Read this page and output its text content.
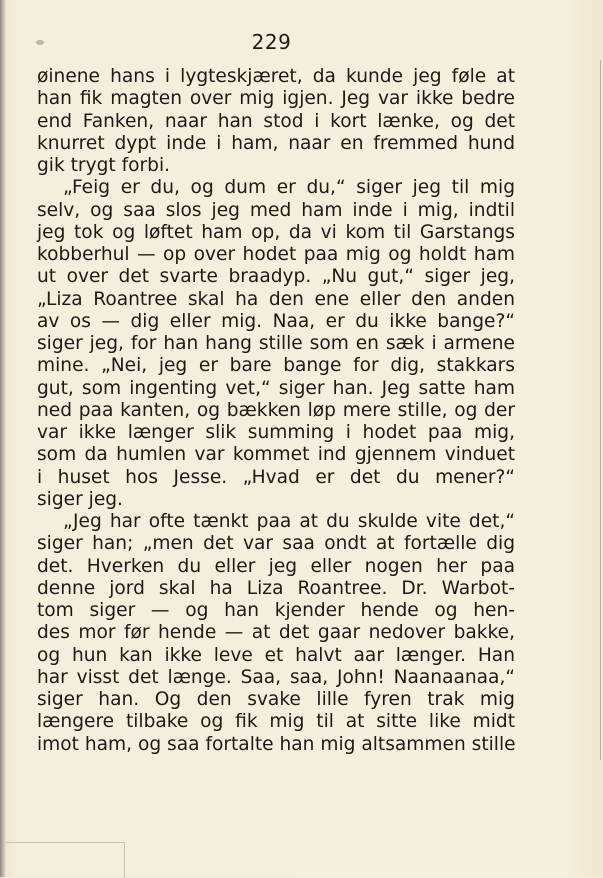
229
øinene hans i lygteskjæret, da kunde jeg føle at
han fik magten over mig igjen. Jeg var ikke bedre
end Fanken, naar han stod i kort lænke, og det
knurret dypt inde i ham, naar en fremmed hund
gik trygt forbi.
„Feig er du, og dum er du,“ siger jeg til mig
selv, og saa slos jeg med ham inde i mig, indtil
jeg tok og løftet ham op, da vi kom til Garstangs
kobberhul — op over hodet paa mig og holdt ham
ut over det svarte braadyp. „Nu gut,“ siger jeg,
„Liza Roantree skal ha den ene eller den anden
av os — dig eller mig. Naa, er du ikke bange?“
siger jeg, for han hang stille som en sæk i armene
mine. „Nei, jeg er bare bange for dig, stakkars
gut, som ingenting vet,“ siger han. Jeg satte ham
ned paa kanten, og bækken løp mere stille, og der
var ikke længer slik summing i hodet paa mig,
som da humlen var kommet ind gjennem vinduet
i huset hos Jesse. „Hvad er det du mener?“
siger jeg.
„Jeg har ofte tænkt paa at du skulde vite det,“
siger han; „men det var saa ondt at fortælle dig
det. Hverken du eller jeg eller nogen her paa
denne jord skal ha Liza Roantree. Dr. Warbot-
tom siger — og han kjender hende og hen-
des mor før hende — at det gaar nedover bakke,
og hun kan ikke leve et halvt aar længer. Han
har visst det længe. Saa, saa, John! Naanaanaa,“
siger han. Og den svake lille fyren trak mig
længere tilbake og fik mig til at sitte like midt
imot ham, og saa fortalte han mig altsammen stille
